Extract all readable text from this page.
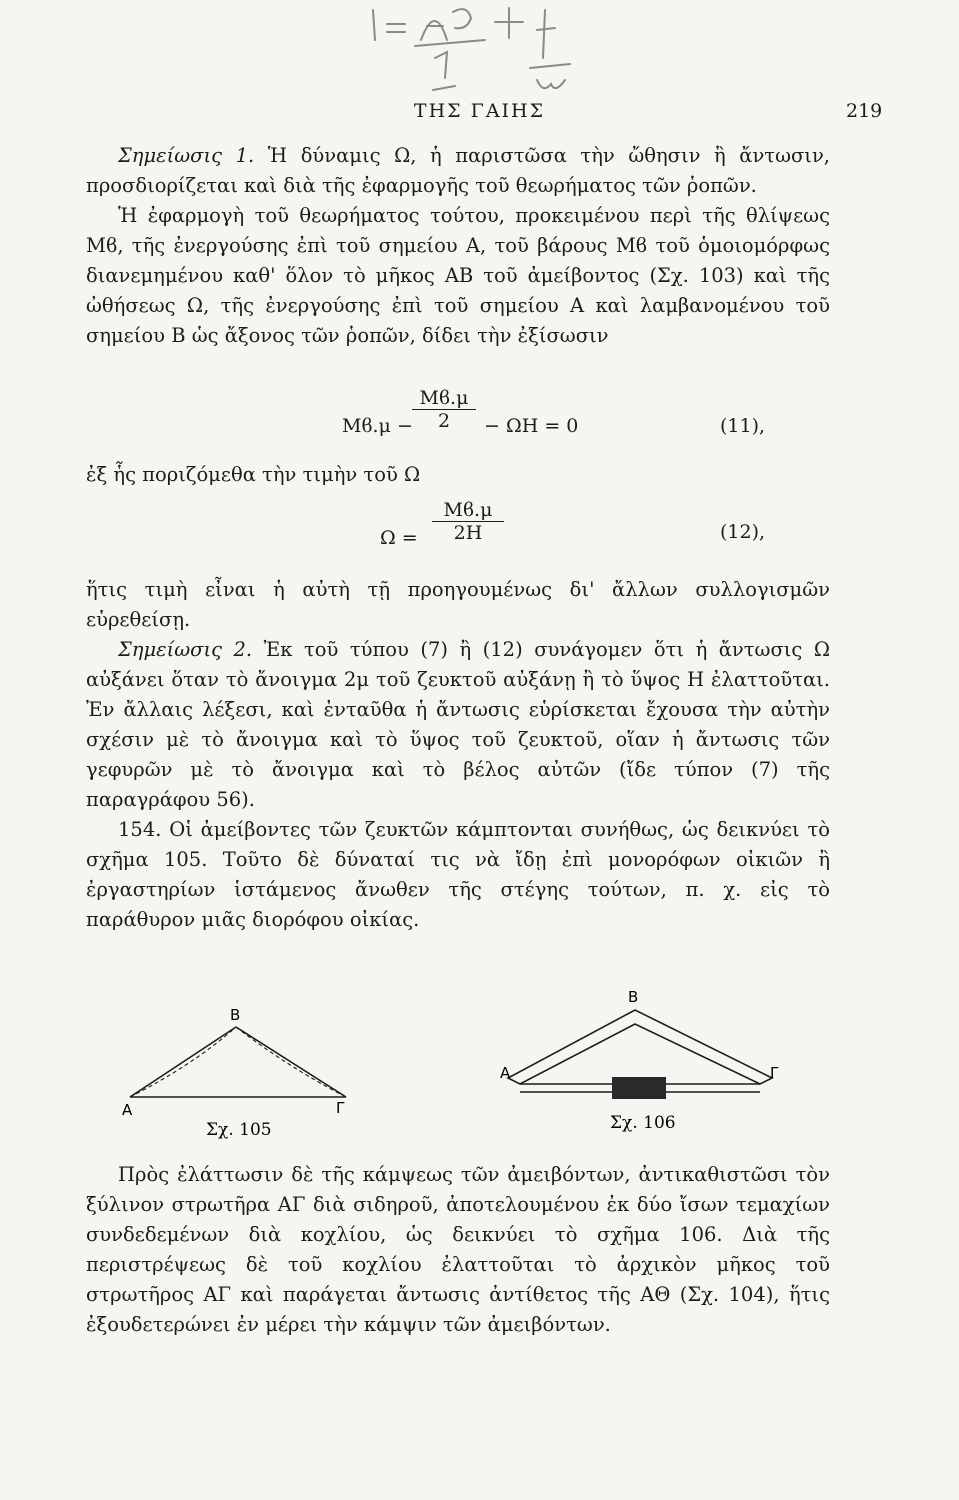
ΤΗΣ ΓΑΙΗΣ	219

Σημείωσις 1. Ἡ δύναμις Ω, ἡ παριστῶσα τὴν ὤθησιν ἢ ἄντωσιν, προσδιορίζεται καὶ διὰ τῆς ἐφαρμογῆς τοῦ θεωρήματος τῶν ῥοπῶν.

Ἡ ἐφαρμογὴ τοῦ θεωρήματος τούτου, προκειμένου περὶ τῆς θλίψεως Μϐ, τῆς ἐνεργούσης ἐπὶ τοῦ σημείου Α, τοῦ βάρους Μϐ τοῦ ὁμοιομόρφως διανεμημένου καθ' ὅλον τὸ μῆκος ΑΒ τοῦ ἀμείβοντος (Σχ. 103) καὶ τῆς ὠθήσεως Ω, τῆς ἐνεργούσης ἐπὶ τοῦ σημείου Α καὶ λαμβανομένου τοῦ σημείου Β ὡς ἄξονος τῶν ῥοπῶν, δίδει τὴν ἐξίσωσιν

$Mϐ.\mu - \frac{Mϐ.\mu}{2} - \Omega H = 0$	(11),
ἐξ ἧς ποριζόμεθα τὴν τιμὴν τοῦ Ω
$\Omega = \frac{Mϐ.\mu}{2H}$	(12),

ἥτις τιμὴ εἶναι ἡ αὐτὴ τῇ προηγουμένως δι' ἄλλων συλλογισμῶν εὑρεθείσῃ.

Σημείωσις 2. Ἐκ τοῦ τύπου (7) ἢ (12) συνάγομεν ὅτι ἡ ἄντωσις Ω αὐξάνει ὅταν τὸ ἄνοιγμα 2μ τοῦ ζευκτοῦ αὐξάνῃ ἢ τὸ ὕψος Η ἐλαττοῦται. Ἐν ἄλλαις λέξεσι, καὶ ἐνταῦθα ἡ ἄντωσις εὑρίσκεται ἔχουσα τὴν αὐτὴν σχέσιν μὲ τὸ ἄνοιγμα καὶ τὸ ὕψος τοῦ ζευκτοῦ, οἵαν ἡ ἄντωσις τῶν γεφυρῶν μὲ τὸ ἄνοιγμα καὶ τὸ βέλος αὐτῶν (ἴδε τύπον (7) τῆς παραγράφου 56).

154. Οἱ ἀμείβοντες τῶν ζευκτῶν κάμπτονται συνήθως, ὡς δεικνύει τὸ σχῆμα 105. Τοῦτο δὲ δύναταί τις νὰ ἴδῃ ἐπὶ μονορόφων οἰκιῶν ἢ ἐργαστηρίων ἱστάμενος ἄνωθεν τῆς στέγης τούτων, π. χ. εἰς τὸ παράθυρον μιᾶς διορόφου οἰκίας.

Β
Α	Γ
Σχ. 105
Β
Α	Γ
Σχ. 106

Πρὸς ἐλάττωσιν δὲ τῆς κάμψεως τῶν ἀμειβόντων, ἀντικαθιστῶσι τὸν ξύλινον στρωτῆρα ΑΓ διὰ σιδηροῦ, ἀποτελουμένου ἐκ δύο ἴσων τεμαχίων συνδεδεμένων διὰ κοχλίου, ὡς δεικνύει τὸ σχῆμα 106. Διὰ τῆς περιστρέψεως δὲ τοῦ κοχλίου ἐλαττοῦται τὸ ἀρχικὸν μῆκος τοῦ στρωτῆρος ΑΓ καὶ παράγεται ἄντωσις ἀντίθετος τῆς ΑΘ (Σχ. 104), ἥτις ἐξουδετερώνει ἐν μέρει τὴν κάμψιν τῶν ἀμειβόντων.
